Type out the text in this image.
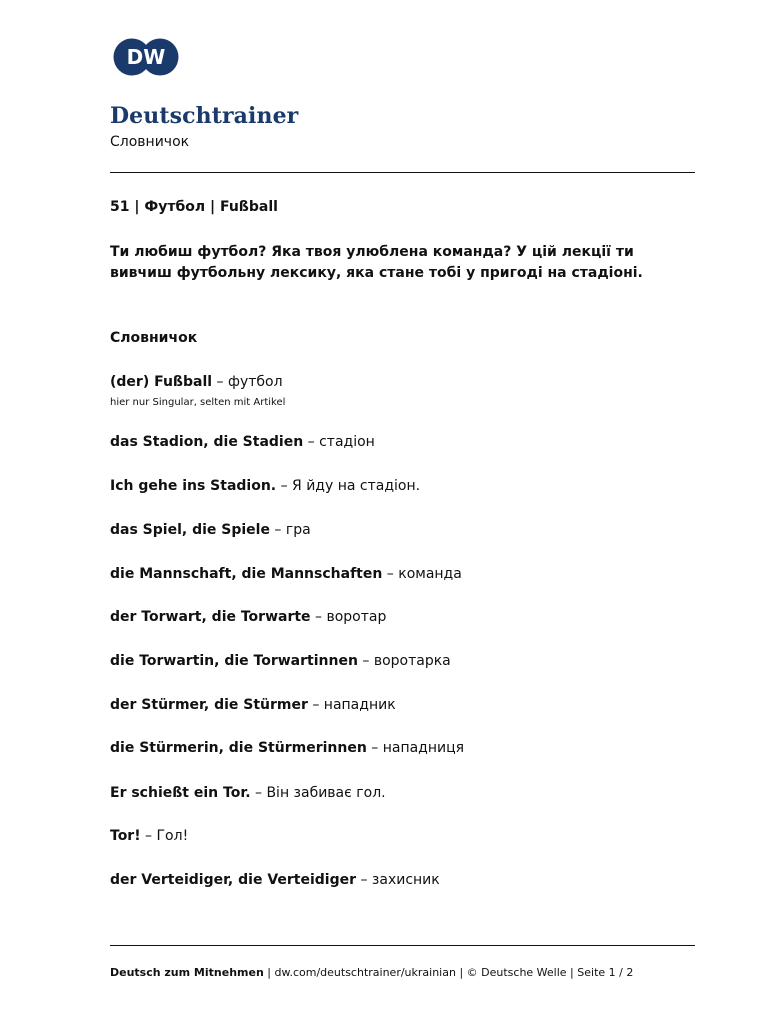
DW
Deutschtrainer
Словничок
51 | Футбол | Fußball
Ти любиш футбол? Яка твоя улюблена команда? У цій лекції ти вивчиш футбольну лексику, яка стане тобі у пригоді на стадіоні.
Словничок
(der) Fußball – футбол
hier nur Singular, selten mit Artikel
das Stadion, die Stadien – стадіон
Ich gehe ins Stadion. – Я йду на стадіон.
das Spiel, die Spiele – гра
die Mannschaft, die Mannschaften – команда
der Torwart, die Torwarte – воротар
die Torwartin, die Torwartinnen – воротарка
der Stürmer, die Stürmer – нападник
die Stürmerin, die Stürmerinnen – нападниця
Er schießt ein Tor. – Він забиває гол.
Tor! – Гол!
der Verteidiger, die Verteidiger – захисник
Deutsch zum Mitnehmen | dw.com/deutschtrainer/ukrainian | © Deutsche Welle | Seite 1 / 2
